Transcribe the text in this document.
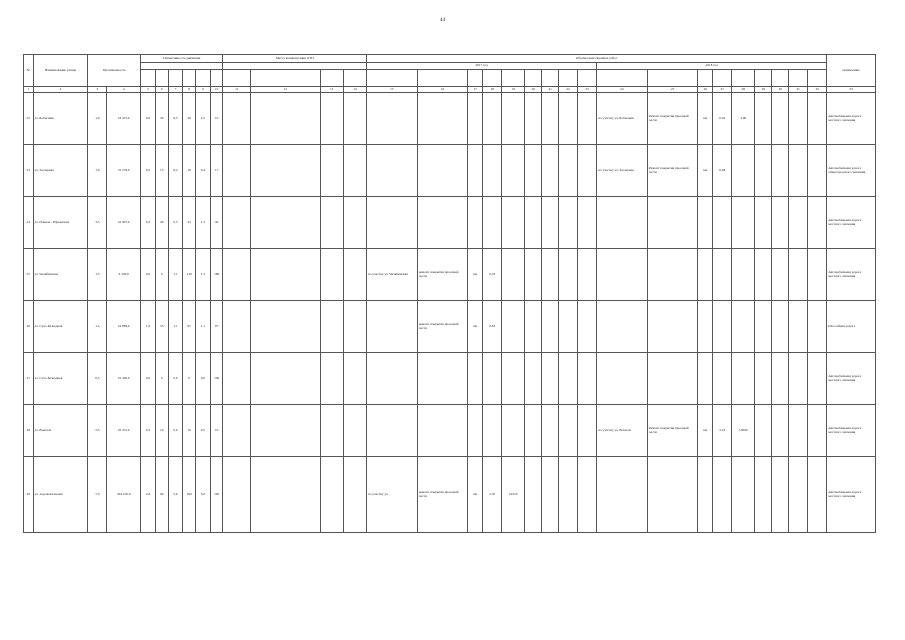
44
№	Наименование улицы	Протяженность		Интенсивность движения						Места концентрации ДТП				Объемы выполненных работ																		примечание
														2017 год									2018 год									

1	2	3	4	5	6	7	8	9	10	11	12	13	14	15	16	17	18	19	20	21	22	23	24	25	26	27	28	29	30	31	32	33
22	ул. Бобылина	1,9	19 472,0	9,0	30	6,5	36	2,5	10														по участку ул. Бобылина	Ремонт покрытия проезжей части	км	0,02	3,00					Автомобильная дорога местного значения
23	ул. Заозерная	1,9	31 270,0	8,2	15	6,2	16	0,4	17														по участку ул. Заозерная	Ремонт покрытия проезжей части	км	0,48						Автомобильная дорога общегородского значения
24	ул. Ильича - Юрьевская	3,5	22 997,0	6,3	26	0,5	25	1,3	40																							Автомобильная дорога местного значения
25	ул. Челябинская	1,5	4 330,0	0,0	0	1,1	130	1,3	186					по участку ул. Челябинская	ремонт покрытия проезжей части	км	0,33															Автомобильная дорога местного значения
26	ул. Сухо-Безводная	1,2	16 809,0	1,9	53	1,1	97	1,1	97						ремонт покрытия проезжей части	км	0,63															Шоссейная дорога
27	ул. Сухо-Безводная	0,5	16 340,0	0,0	0	0,0	0	0,0	100																							Автомобильная дорога местного значения
28	ул. Вокзала	2,3	25 231,0	0,3	19	0,0	10	0,5	19														по участку ул. Вокзала	Ремонт покрытия проезжей части	км	2,23	13000					Автомобильная дорога местного значения
29	ул. Аэровокзальная	7,0	204 100,0	2,6	94	5,6	100	5,0	190					по участку ул.	ремонт покрытия проезжей части	км	2,70	19310														Автомобильная дорога местного значения
